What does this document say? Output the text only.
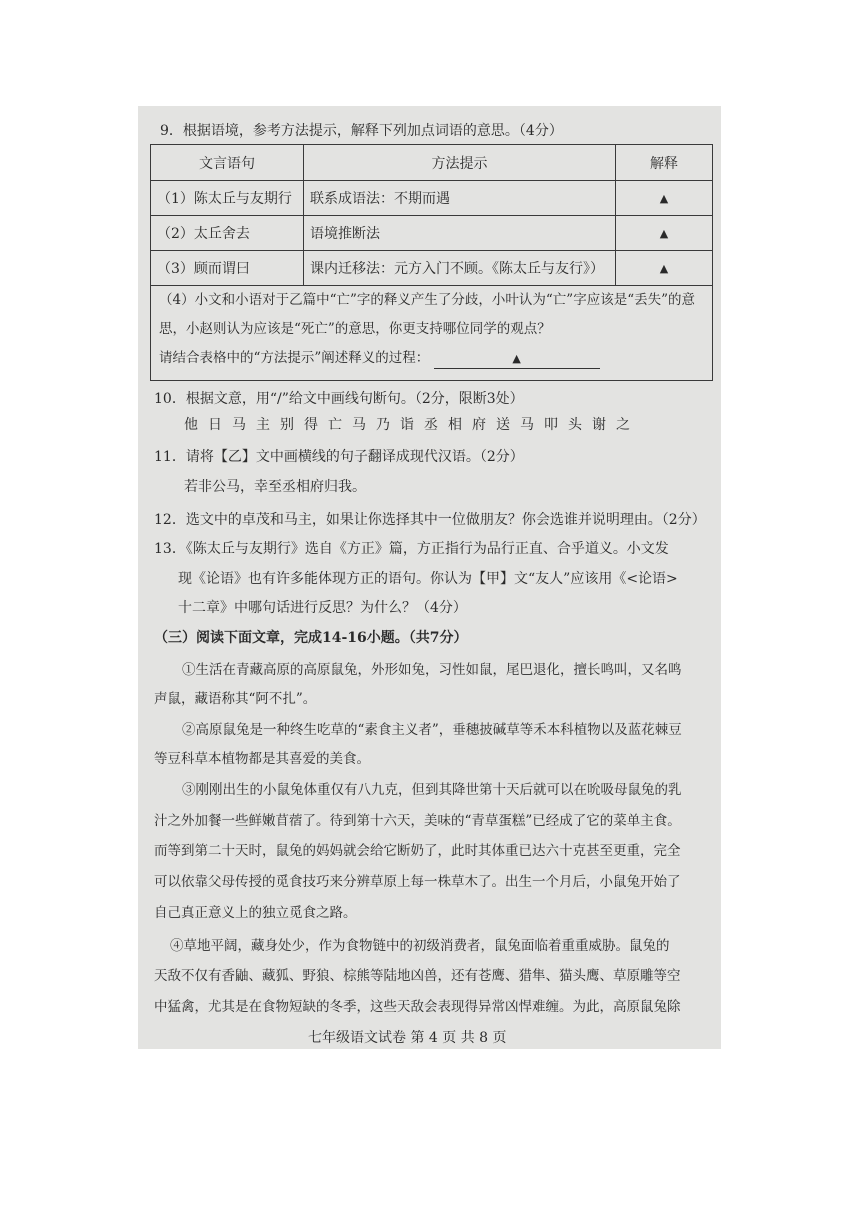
9．根据语境，参考方法提示，解释下列加点词语的意思。（4分）
文言语句	方法提示	解释
（1）陈太丘与友期行	联系成语法：不期而遇	▲
（2）太丘舍去	语境推断法	▲
（3）顾而谓曰	课内迁移法：元方入门不顾。《陈太丘与友行》）	▲
（4）小文和小语对于乙篇中“亡”字的释义产生了分歧，小叶认为“亡”字应该是“丢失”的意
思，小赵则认为应该是“死亡”的意思，你更支持哪位同学的观点？
请结合表格中的“方法提示”阐述释义的过程：	▲
10．根据文意，用“/”给文中画线句断句。（2分，限断3处）
他日马主别得亡马乃诣丞相府送马叩头谢之
11．请将【乙】文中画横线的句子翻译成现代汉语。（2分）
若非公马，幸至丞相府归我。
12．选文中的卓茂和马主，如果让你选择其中一位做朋友？你会选谁并说明理由。（2分）
13．《陈太丘与友期行》选自《方正》篇，方正指行为品行正直、合乎道义。小文发
现《论语》也有许多能体现方正的语句。你认为【甲】文“友人”应该用《<论语>
十二章》中哪句话进行反思？为什么？（4分）
（三）阅读下面文章，完成14-16小题。（共7分）
①生活在青藏高原的高原鼠兔，外形如兔，习性如鼠，尾巴退化，擅长鸣叫，又名鸣
声鼠，藏语称其“阿不扎”。
②高原鼠兔是一种终生吃草的“素食主义者”，垂穗披碱草等禾本科植物以及蓝花棘豆
等豆科草本植物都是其喜爱的美食。
③刚刚出生的小鼠兔体重仅有八九克，但到其降世第十天后就可以在吮吸母鼠兔的乳
汁之外加餐一些鲜嫩苜蓿了。待到第十六天，美味的“青草蛋糕”已经成了它的菜单主食。
而等到第二十天时，鼠兔的妈妈就会给它断奶了，此时其体重已达六十克甚至更重，完全
可以依靠父母传授的觅食技巧来分辨草原上每一株草木了。出生一个月后，小鼠兔开始了
自己真正意义上的独立觅食之路。
④草地平阔，藏身处少，作为食物链中的初级消费者，鼠兔面临着重重威胁。鼠兔的
天敌不仅有香鼬、藏狐、野狼、棕熊等陆地凶兽，还有苍鹰、猎隼、猫头鹰、草原雕等空
中猛禽，尤其是在食物短缺的冬季，这些天敌会表现得异常凶悍难缠。为此，高原鼠兔除
七年级语文试卷 第 4 页 共 8 页
